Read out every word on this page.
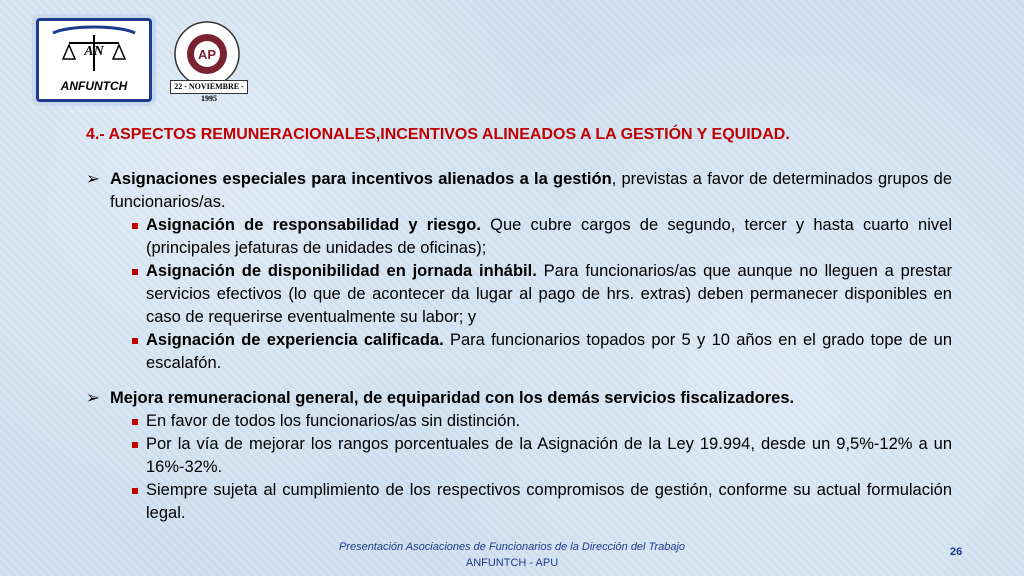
AN
ANFUNTCH
AP
22 - NOVIEMBRE - 1995
4.- ASPECTOS REMUNERACIONALES,INCENTIVOS ALINEADOS A LA GESTIÓN Y EQUIDAD.
➢ Asignaciones especiales para incentivos alienados a la gestión, previstas a favor de determinados grupos de funcionarios/as.
Asignación de responsabilidad y riesgo. Que cubre cargos de segundo, tercer y hasta cuarto nivel (principales jefaturas de unidades de oficinas);
Asignación de disponibilidad en jornada inhábil. Para funcionarios/as que aunque no lleguen a prestar servicios efectivos (lo que de acontecer da lugar al pago de hrs. extras) deben permanecer disponibles en caso de requerirse eventualmente su labor; y
Asignación de experiencia calificada. Para funcionarios topados por 5 y 10 años en el grado tope de un escalafón.
➢ Mejora remuneracional general, de equiparidad con los demás servicios fiscalizadores.
En favor de todos los funcionarios/as sin distinción.
Por la vía de mejorar los rangos porcentuales de la Asignación de la Ley 19.994, desde un 9,5%-12% a un 16%-32%.
Siempre sujeta al cumplimiento de los respectivos compromisos de gestión, conforme su actual formulación legal.
Presentación Asociaciones de Funcionarios de la Dirección del Trabajo
ANFUNTCH - APU
26
